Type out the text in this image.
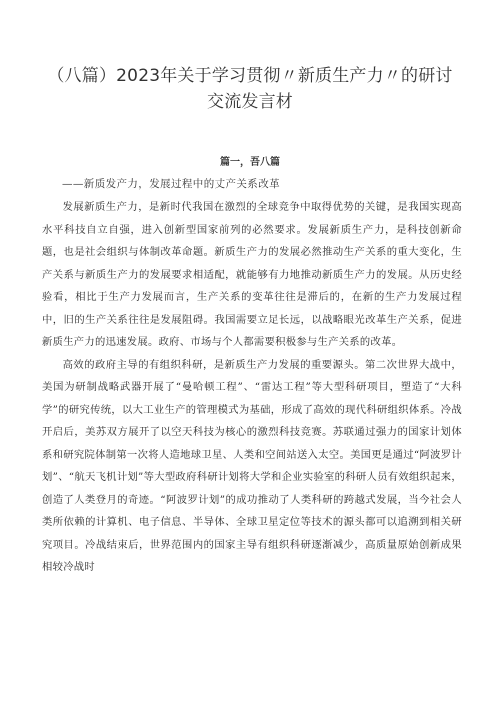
（八篇）2023年关于学习贯彻〃新质生产力〃的研讨交流发言材
篇一，吾八篇
——新质发产力，发展过程中的丈产关系改革

发展新质生产力，是新时代我国在激烈的全球竞争中取得优势的关键，是我国实现高水平科技自立自强，进入创新型国家前列的必然要求。发展新质生产力，是科技创新命题，也是社会组织与体制改革命题。新质生产力的发展必然推动生产关系的重大变化，生产关系与新质生产力的发展要求相适配，就能够有力地推动新质生产力的发展。从历史经验看，相比于生产力发展而言，生产关系的变革往往是滞后的，在新的生产力发展过程中，旧的生产关系往往是发展阻碍。我国需要立足长远，以战略眼光改革生产关系，促进新质生产力的迅速发展。政府、市场与个人都需要积极参与生产关系的改革。

高效的政府主导的有组织科研，是新质生产力发展的重要源头。第二次世界大战中，美国为研制战略武器开展了“曼哈顿工程”、“雷达工程”等大型科研项目，塑造了“大科学”的研究传统，以大工业生产的管理模式为基础，形成了高效的现代科研组织体系。冷战开启后，美苏双方展开了以空天科技为核心的激烈科技竞赛。苏联通过强力的国家计划体系和研究院体制第一次将人造地球卫星、人类和空间站送入太空。美国更是通过“阿波罗计划”、“航天飞机计划”等大型政府科研计划将大学和企业实验室的科研人员有效组织起来，创造了人类登月的奇迹。“阿波罗计划”的成功推动了人类科研的跨越式发展，当今社会人类所依赖的计算机、电子信息、半导体、全球卫星定位等技术的源头都可以追溯到相关研究项目。冷战结束后，世界范围内的国家主导有组织科研逐渐减少，高质量原始创新成果相较冷战时
